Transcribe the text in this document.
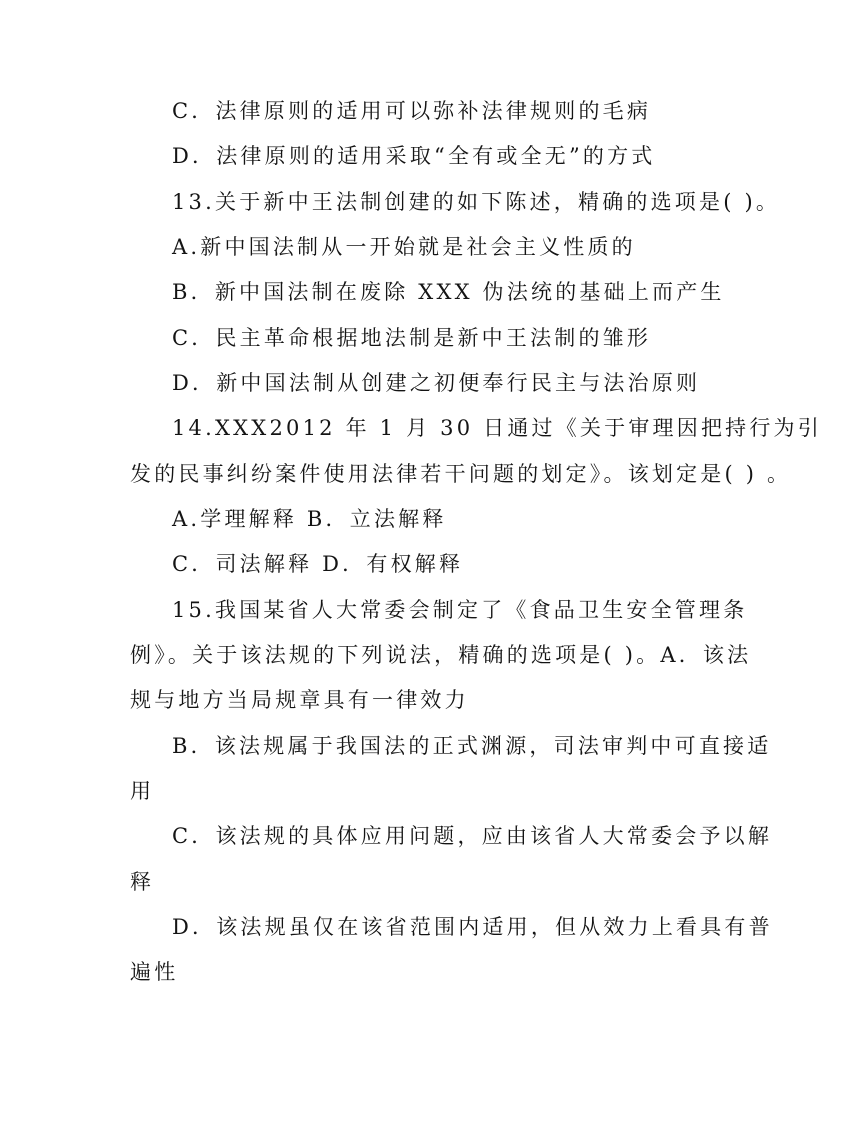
C．法律原则的适用可以弥补法律规则的毛病
D．法律原则的适用采取“全有或全无”的方式
13.关于新中王法制创建的如下陈述，精确的选项是( )。
A.新中国法制从一开始就是社会主义性质的
B．新中国法制在废除 XXX 伪法统的基础上而产生
C．民主革命根据地法制是新中王法制的雏形
D．新中国法制从创建之初便奉行民主与法治原则
14.XXX2012 年 1 月 30 日通过《关于审理因把持行为引
发的民事纠纷案件使用法律若干问题的划定》。该划定是( ) 。
A.学理解释 B．立法解释
C．司法解释 D．有权解释
15.我国某省人大常委会制定了《食品卫生安全管理条
例》。关于该法规的下列说法，精确的选项是( )。A．该法
规与地方当局规章具有一律效力
B．该法规属于我国法的正式渊源，司法审判中可直接适
用
C．该法规的具体应用问题，应由该省人大常委会予以解
释
D．该法规虽仅在该省范围内适用，但从效力上看具有普
遍性
